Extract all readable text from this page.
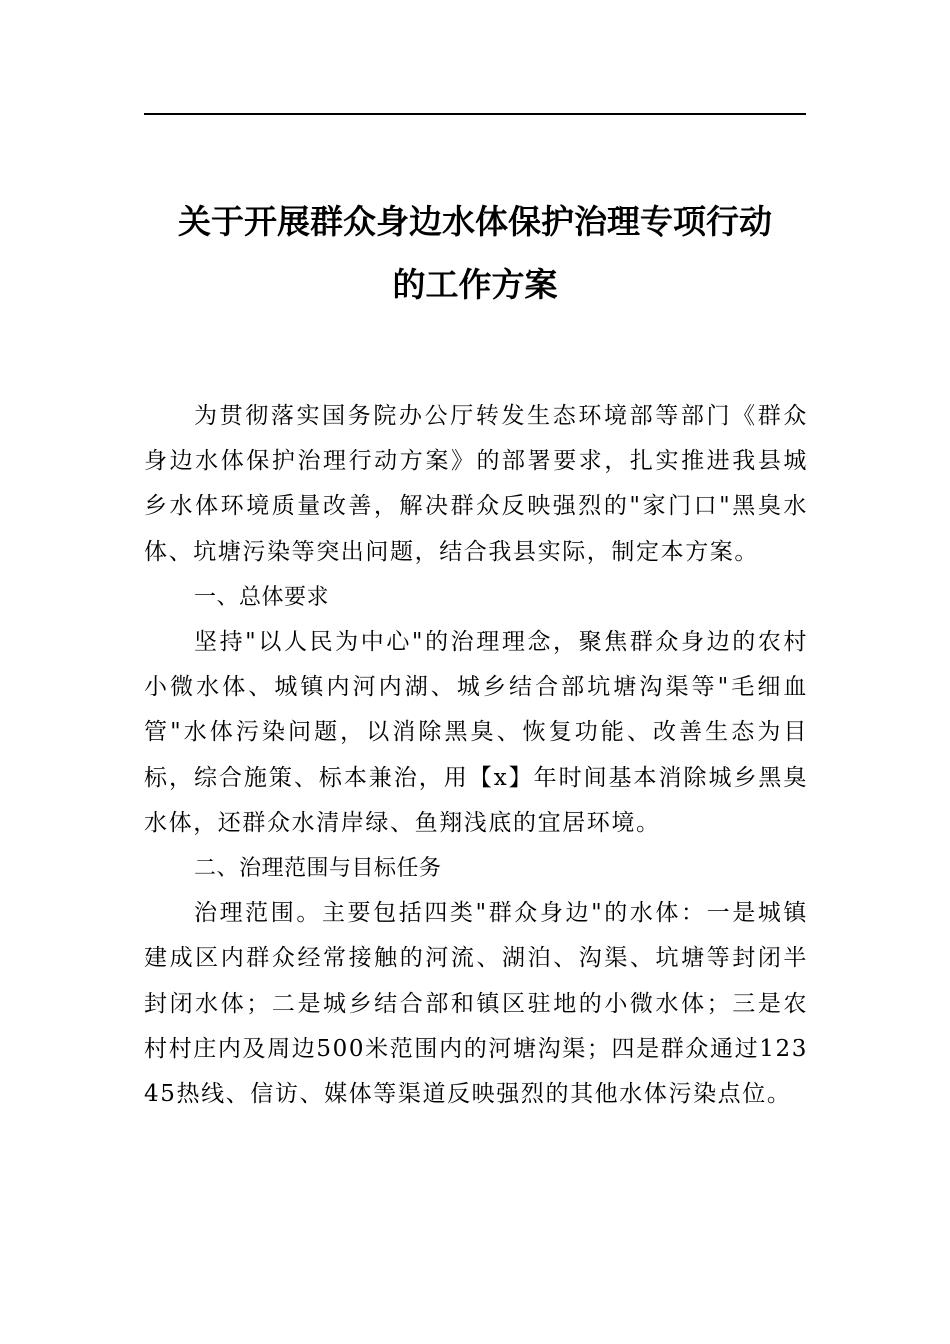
关于开展群众身边水体保护治理专项行动
的工作方案

为贯彻落实国务院办公厅转发生态环境部等部门《群众身边水体保护治理行动方案》的部署要求，扎实推进我县城乡水体环境质量改善，解决群众反映强烈的"家门口"黑臭水体、坑塘污染等突出问题，结合我县实际，制定本方案。

一、总体要求

坚持"以人民为中心"的治理理念，聚焦群众身边的农村小微水体、城镇内河内湖、城乡结合部坑塘沟渠等"毛细血管"水体污染问题，以消除黑臭、恢复功能、改善生态为目标，综合施策、标本兼治，用【x】年时间基本消除城乡黑臭水体，还群众水清岸绿、鱼翔浅底的宜居环境。

二、治理范围与目标任务

治理范围。主要包括四类"群众身边"的水体：一是城镇建成区内群众经常接触的河流、湖泊、沟渠、坑塘等封闭半封闭水体；二是城乡结合部和镇区驻地的小微水体；三是农村村庄内及周边500米范围内的河塘沟渠；四是群众通过12345热线、信访、媒体等渠道反映强烈的其他水体污染点位。
